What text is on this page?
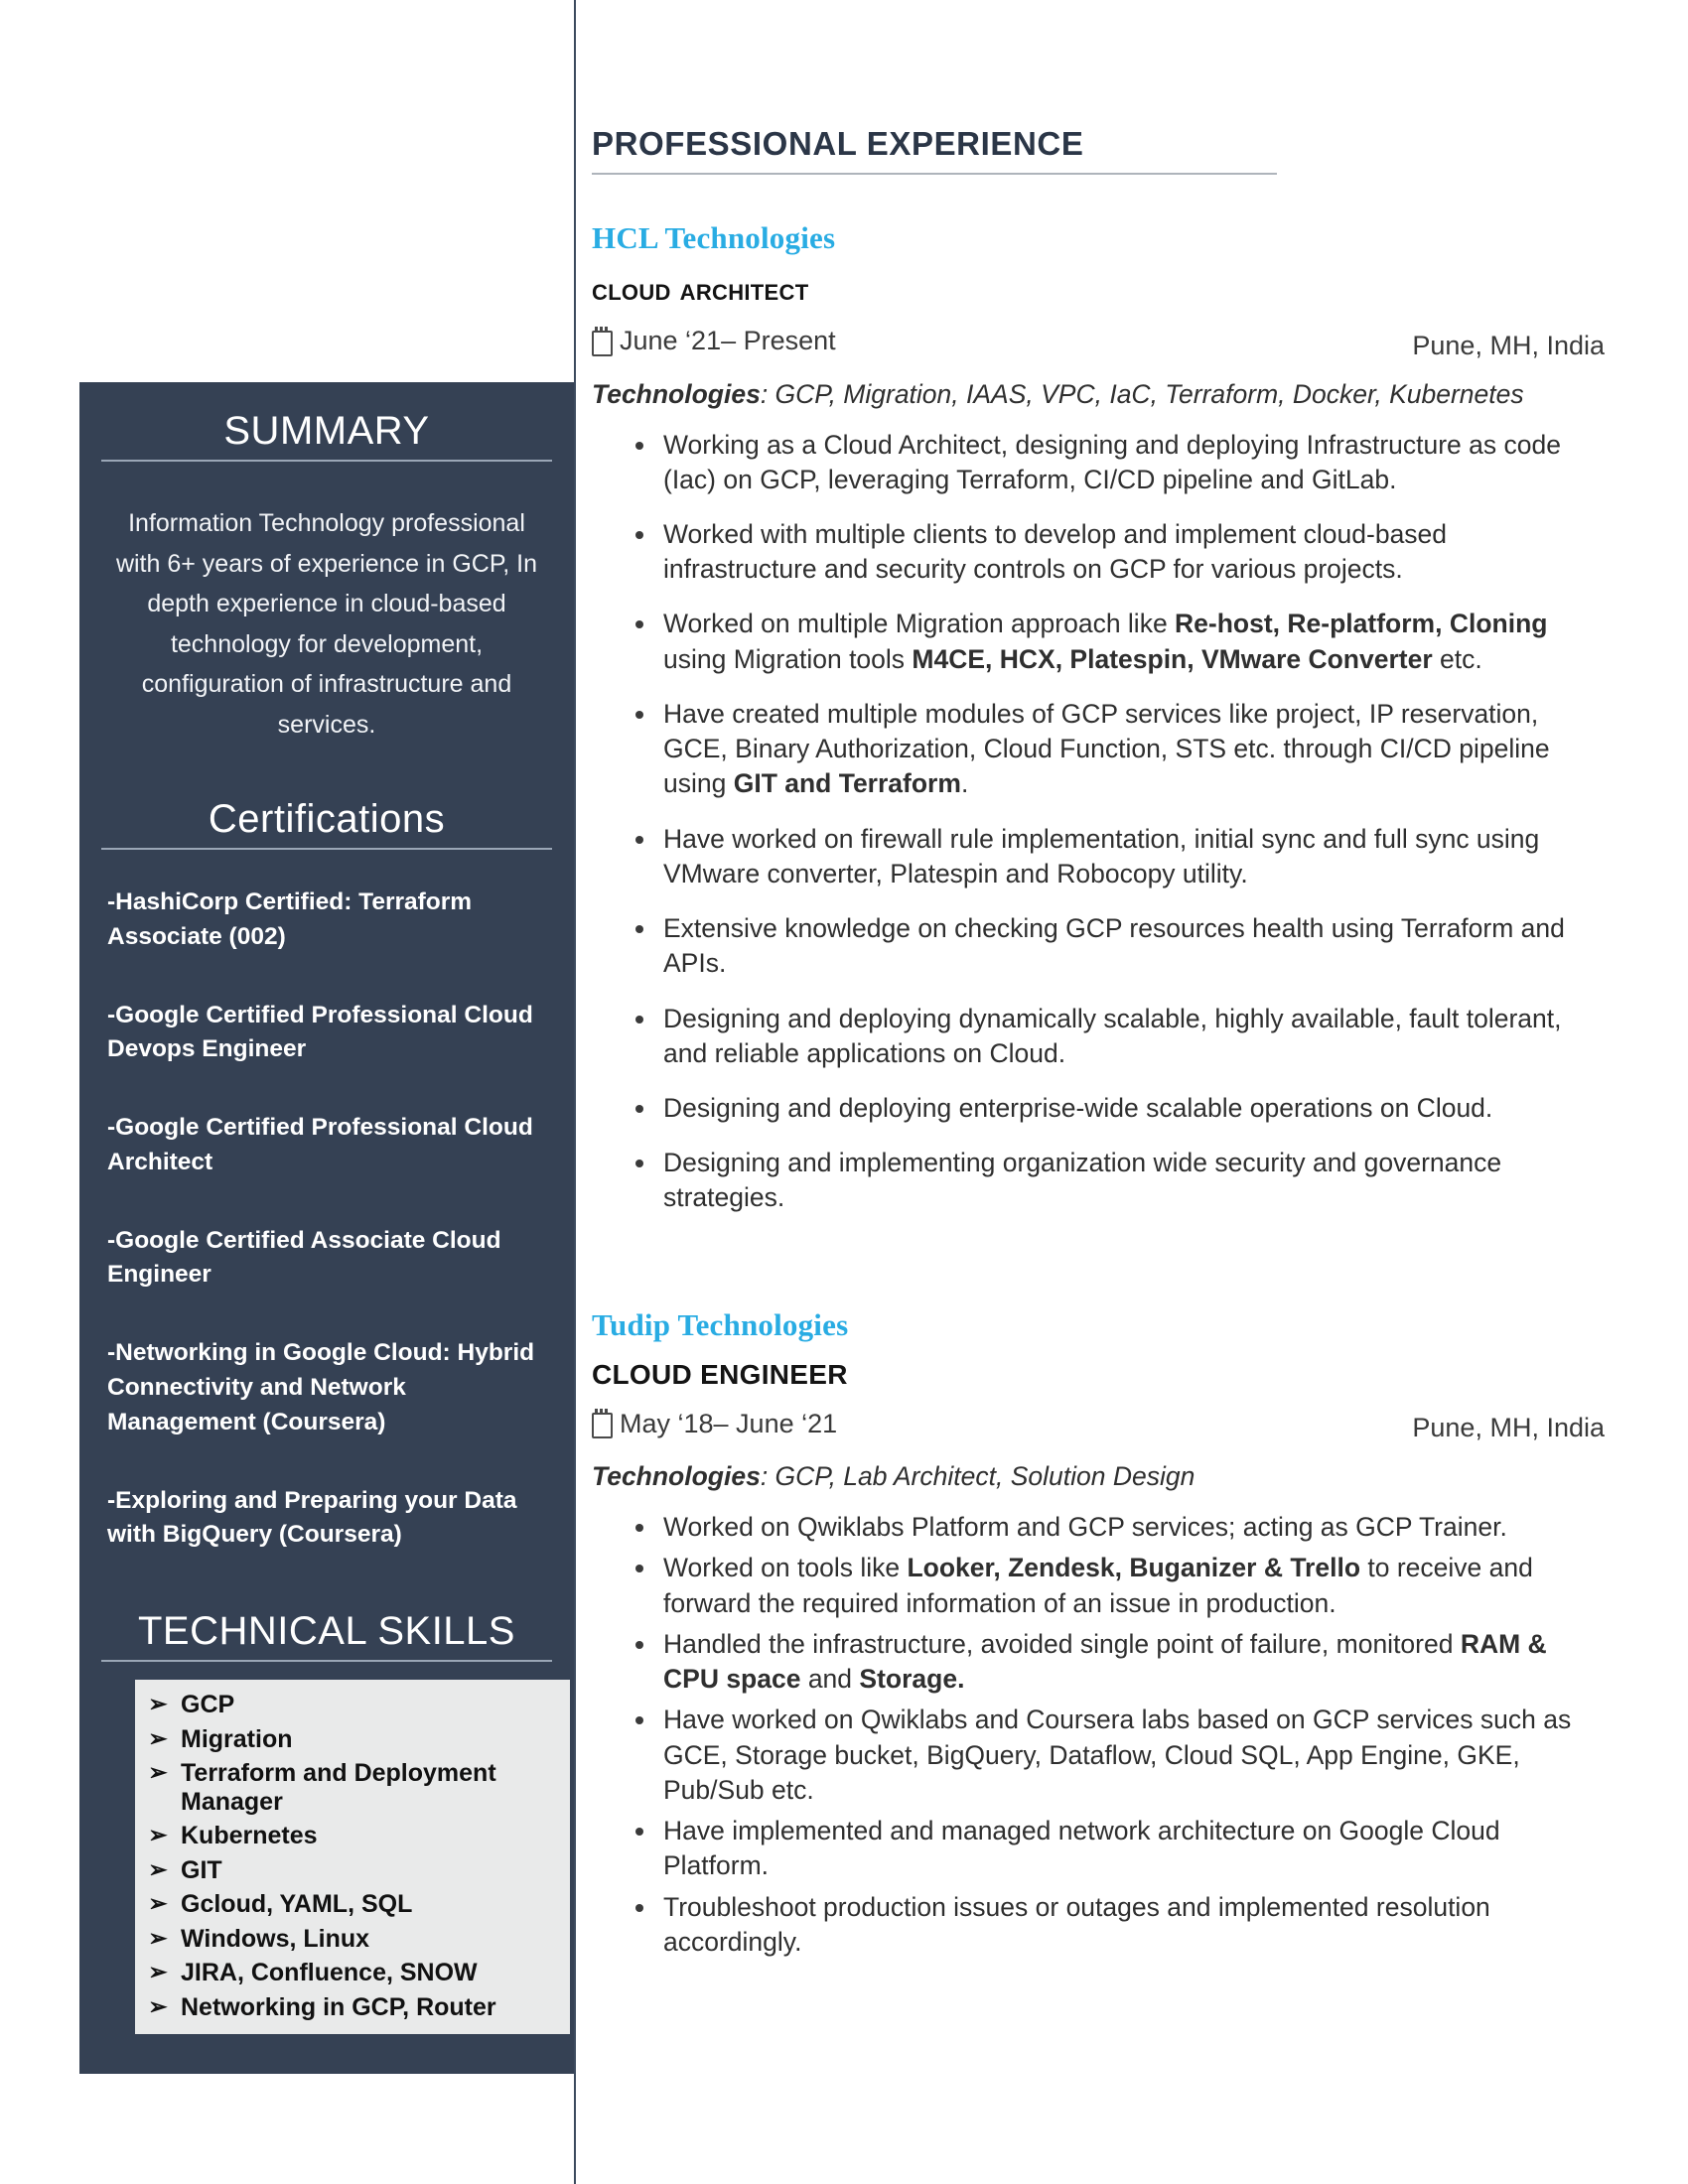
SUMMARY
Information Technology professional with 6+ years of experience in GCP, In depth experience in cloud-based technology for development, configuration of infrastructure and services.
Certifications
-HashiCorp Certified: Terraform Associate (002)
-Google Certified Professional Cloud Devops Engineer
-Google Certified Professional Cloud Architect
-Google Certified Associate Cloud Engineer
-Networking in Google Cloud: Hybrid Connectivity and Network Management (Coursera)
-Exploring and Preparing your Data with BigQuery (Coursera)
TECHNICAL SKILLS
➢ GCP
➢ Migration
➢ Terraform and Deployment Manager
➢ Kubernetes
➢ GIT
➢ Gcloud, YAML, SQL
➢ Windows, Linux
➢ JIRA, Confluence, SNOW
➢ Networking in GCP, Router
PROFESSIONAL EXPERIENCE
HCL Technologies
cloud architect
June ‘21– Present	Pune, MH, India
Technologies: GCP, Migration, IAAS, VPC, IaC, Terraform, Docker, Kubernetes
Working as a Cloud Architect, designing and deploying Infrastructure as code (Iac) on GCP, leveraging Terraform, CI/CD pipeline and GitLab.
Worked with multiple clients to develop and implement cloud-based infrastructure and security controls on GCP for various projects.
Worked on multiple Migration approach like Re-host, Re-platform, Cloning using Migration tools M4CE, HCX, Platespin, VMware Converter etc.
Have created multiple modules of GCP services like project, IP reservation, GCE, Binary Authorization, Cloud Function, STS etc. through CI/CD pipeline using GIT and Terraform.
Have worked on firewall rule implementation, initial sync and full sync using VMware converter, Platespin and Robocopy utility.
Extensive knowledge on checking GCP resources health using Terraform and APIs.
Designing and deploying dynamically scalable, highly available, fault tolerant, and reliable applications on Cloud.
Designing and deploying enterprise-wide scalable operations on Cloud.
Designing and implementing organization wide security and governance strategies.
Tudip Technologies
CLOUD ENGINEER
May ‘18– June ‘21	Pune, MH, India
Technologies: GCP, Lab Architect, Solution Design
Worked on Qwiklabs Platform and GCP services; acting as GCP Trainer.
Worked on tools like Looker, Zendesk, Buganizer & Trello to receive and forward the required information of an issue in production.
Handled the infrastructure, avoided single point of failure, monitored RAM & CPU space and Storage.
Have worked on Qwiklabs and Coursera labs based on GCP services such as GCE, Storage bucket, BigQuery, Dataflow, Cloud SQL, App Engine, GKE, Pub/Sub etc.
Have implemented and managed network architecture on Google Cloud Platform.
Troubleshoot production issues or outages and implemented resolution accordingly.
